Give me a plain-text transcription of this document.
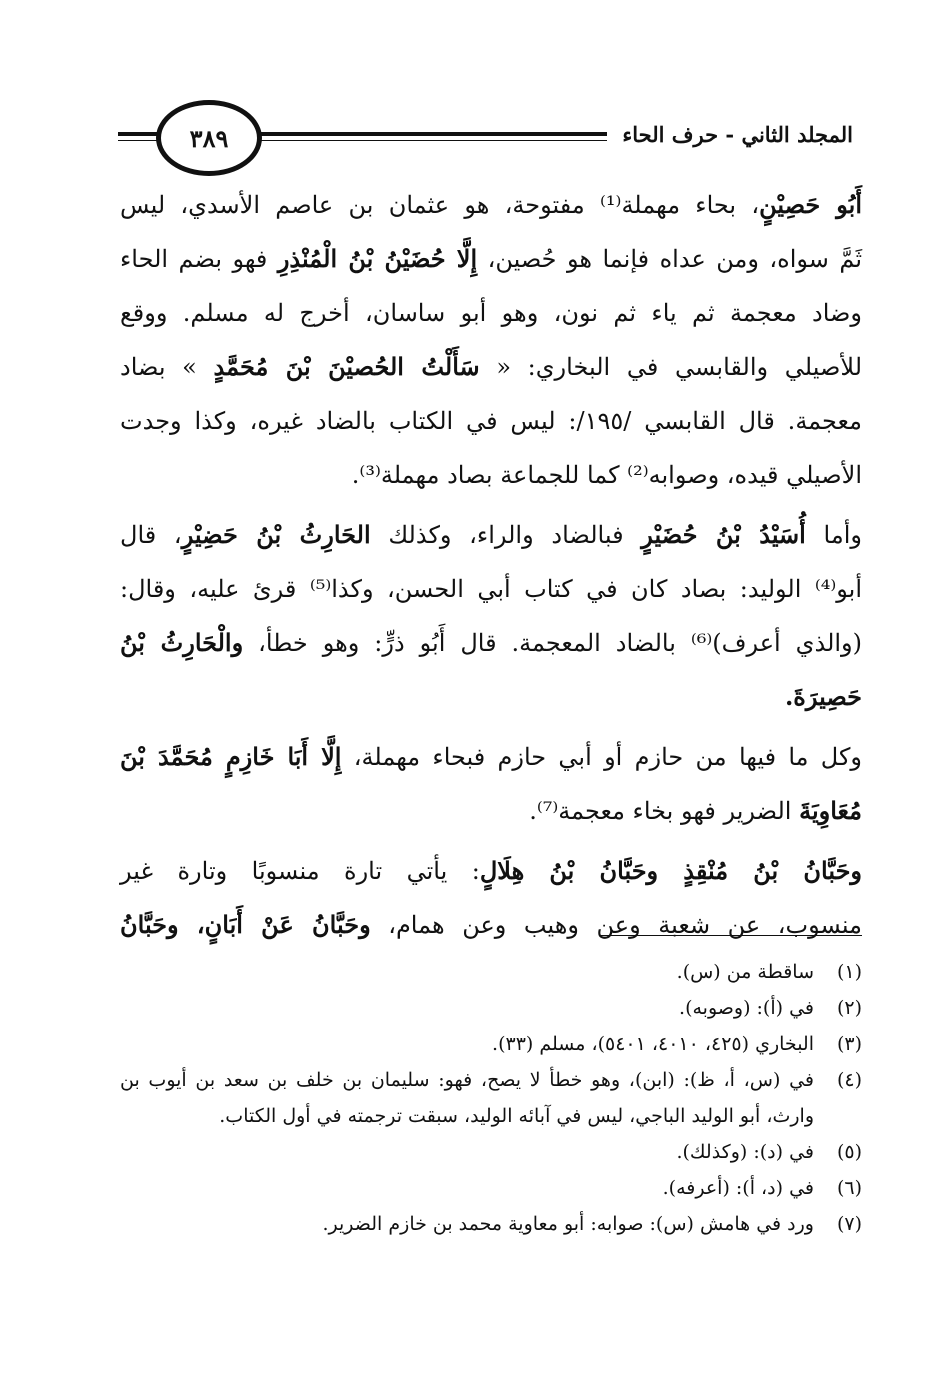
المجلد الثاني - حرف الحاء
٣٨٩
أَبُو حَصِيْنٍ، بحاء مهملة⁽¹⁾ مفتوحة، هو عثمان بن عاصم الأسدي، ليس
ثَمَّ سواه، ومن عداه فإنما هو حُصين، إِلَّا حُضَيْنُ بْنُ الْمُنْذِرِ فهو بضم الحاء
وضاد معجمة ثم ياء ثم نون، وهو أبو ساسان، أخرج له مسلم. ووقع
للأصيلي والقابسي في البخاري: « سَأَلْتُ الحُصيْنَ بْنَ مُحَمَّدٍ » بضاد
معجمة. قال القابسي /١٩٥/: ليس في الكتاب بالضاد غيره، وكذا وجدت
الأصيلي قيده، وصوابه⁽²⁾ كما للجماعة بصاد مهملة⁽³⁾.
وأما أُسَيْدُ بْنُ حُضَيْرٍ فبالضاد والراء، وكذلك الحَارِثُ بْنُ حَضِيْرٍ، قال
أبو⁽⁴⁾ الوليد: بصاد كان في كتاب أبي الحسن، وكذا⁽⁵⁾ قرئ عليه، وقال:
(والذي أعرف)⁽⁶⁾ بالضاد المعجمة. قال أَبُو ذرٍّ: وهو خطأ، والْحَارِثُ بْنُ
حَصِيرَةَ.
وكل ما فيها من حازم أو أبي حازم فبحاء مهملة، إِلَّا أَبَا خَازِمٍ مُحَمَّدَ بْنَ
مُعَاوِيَةَ الضرير فهو بخاء معجمة⁽⁷⁾.
وحَبَّانُ بْنُ مُنْقِذٍ وحَبَّانُ بْنُ هِلَالٍ: يأتي تارة منسوبًا وتارة غير
منسوب، عن شعبة وعن وهيب وعن همام، وحَبَّانُ عَنْ أَبَانٍ، وحَبَّانُ
(١)
ساقطة من (س).
(٢)
في (أ): (وصوبه).
(٣)
البخاري (٤٢٥، ٤٠١٠، ٥٤٠١)، مسلم (٣٣).
(٤)
في (س، أ، ظ): (ابن)، وهو خطأ لا يصح، فهو: سليمان بن خلف بن سعد بن أيوب بن وارث، أبو الوليد الباجي، ليس في آبائه الوليد، سبقت ترجمته في أول الكتاب.
(٥)
في (د): (وكذلك).
(٦)
في (د، أ): (أعرفه).
(٧)
ورد في هامش (س): صوابه: أبو معاوية محمد بن خازم الضرير.
